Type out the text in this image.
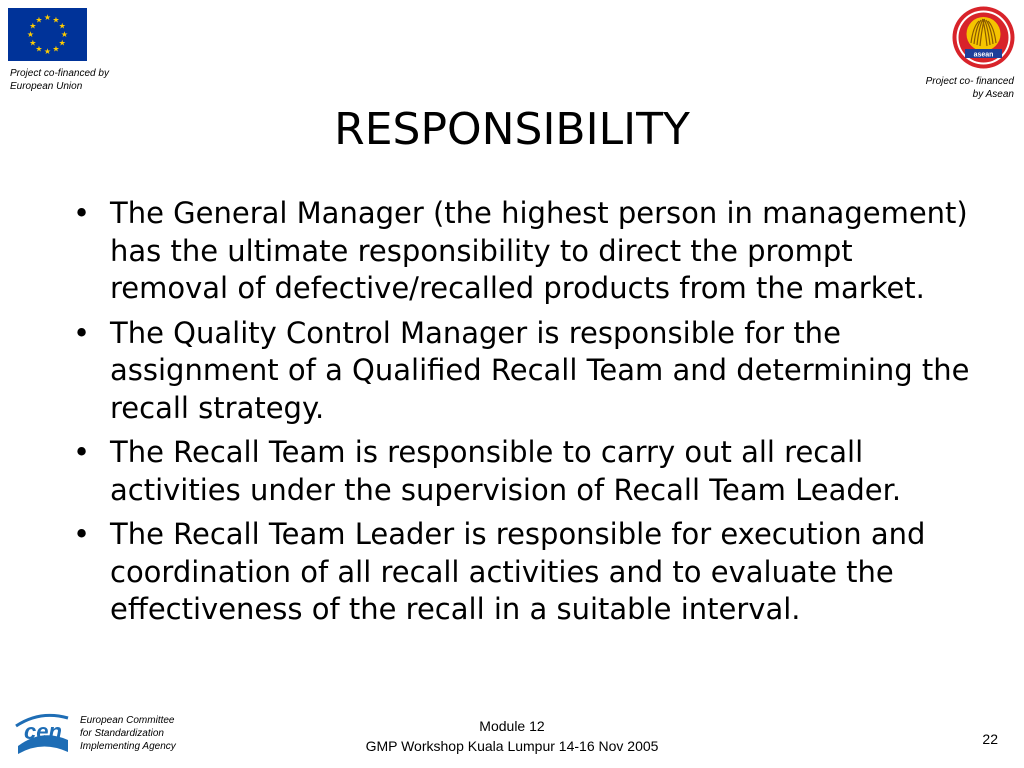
★ ★
★
★
★
★
★
★
★
★
★
★
Project co-financed by
European Union
asean
Project co- financed
by Asean
RESPONSIBILITY
• The General Manager (the highest person in management) has the ultimate responsibility to direct the prompt removal of defective/recalled products from the market.
• The Quality Control Manager is responsible for the assignment of a Qualified Recall Team and determining the recall strategy.
• The Recall Team is responsible to carry out all recall activities under the supervision of Recall Team Leader.
• The Recall Team Leader is responsible for execution and coordination of all recall activities and to evaluate the effectiveness of the recall in a suitable interval.
cen European Committee
for Standardization
Implementing Agency
Module 12
GMP Workshop Kuala Lumpur 14-16 Nov 2005	22
